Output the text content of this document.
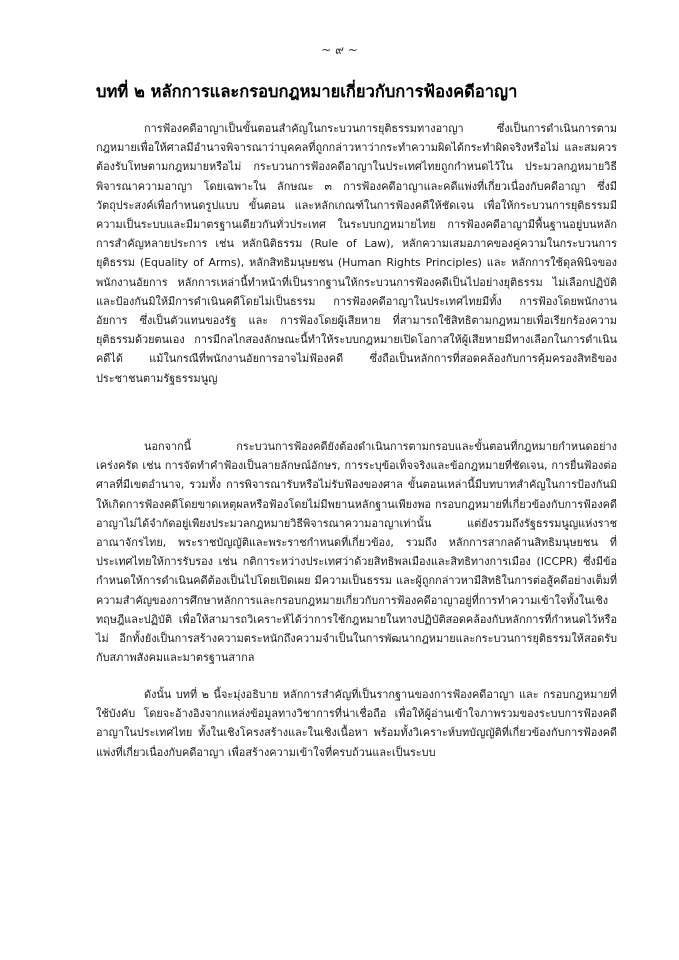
~ ๙ ~
บทที่ ๒ หลักการและกรอบกฎหมายเกี่ยวกับการฟ้องคดีอาญา

การฟ้องคดีอาญาเป็นขั้นตอนสำคัญในกระบวนการยุติธรรมทางอาญา ซึ่งเป็นการดำเนินการตามกฎหมายเพื่อให้ศาลมีอำนาจพิจารณาว่าบุคคลที่ถูกกล่าวหาว่ากระทำความผิดได้กระทำผิดจริงหรือไม่ และสมควรต้องรับโทษตามกฎหมายหรือไม่ กระบวนการฟ้องคดีอาญาในประเทศไทยถูกกำหนดไว้ใน ประมวลกฎหมายวิธีพิจารณาความอาญา โดยเฉพาะใน ลักษณะ ๓ การฟ้องคดีอาญาและคดีแพ่งที่เกี่ยวเนื่องกับคดีอาญา ซึ่งมีวัตถุประสงค์เพื่อกำหนดรูปแบบ ขั้นตอน และหลักเกณฑ์ในการฟ้องคดีให้ชัดเจน เพื่อให้กระบวนการยุติธรรมมีความเป็นระบบและมีมาตรฐานเดียวกันทั่วประเทศ ในระบบกฎหมายไทย การฟ้องคดีอาญามีพื้นฐานอยู่บนหลักการสำคัญหลายประการ เช่น หลักนิติธรรม (Rule of Law), หลักความเสมอภาคของคู่ความในกระบวนการยุติธรรม (Equality of Arms), หลักสิทธิมนุษยชน (Human Rights Principles) และ หลักการใช้ดุลพินิจของพนักงานอัยการ หลักการเหล่านี้ทำหน้าที่เป็นรากฐานให้กระบวนการฟ้องคดีเป็นไปอย่างยุติธรรม ไม่เลือกปฏิบัติ และป้องกันมิให้มีการดำเนินคดีโดยไม่เป็นธรรม การฟ้องคดีอาญาในประเทศไทยมีทั้ง การฟ้องโดยพนักงานอัยการ ซึ่งเป็นตัวแทนของรัฐ และ การฟ้องโดยผู้เสียหาย ที่สามารถใช้สิทธิตามกฎหมายเพื่อเรียกร้องความยุติธรรมด้วยตนเอง การมีกลไกสองลักษณะนี้ทำให้ระบบกฎหมายเปิดโอกาสให้ผู้เสียหายมีทางเลือกในการดำเนินคดีได้ แม้ในกรณีที่พนักงานอัยการอาจไม่ฟ้องคดี ซึ่งถือเป็นหลักการที่สอดคล้องกับการคุ้มครองสิทธิของประชาชนตามรัฐธรรมนูญ

นอกจากนี้ กระบวนการฟ้องคดียังต้องดำเนินการตามกรอบและขั้นตอนที่กฎหมายกำหนดอย่างเคร่งครัด เช่น การจัดทำคำฟ้องเป็นลายลักษณ์อักษร, การระบุข้อเท็จจริงและข้อกฎหมายที่ชัดเจน, การยื่นฟ้องต่อศาลที่มีเขตอำนาจ, รวมทั้ง การพิจารณารับหรือไม่รับฟ้องของศาล ขั้นตอนเหล่านี้มีบทบาทสำคัญในการป้องกันมิให้เกิดการฟ้องคดีโดยขาดเหตุผลหรือฟ้องโดยไม่มีพยานหลักฐานเพียงพอ กรอบกฎหมายที่เกี่ยวข้องกับการฟ้องคดีอาญาไม่ได้จำกัดอยู่เพียงประมวลกฎหมายวิธีพิจารณาความอาญาเท่านั้น แต่ยังรวมถึงรัฐธรรมนูญแห่งราชอาณาจักรไทย, พระราชบัญญัติและพระราชกำหนดที่เกี่ยวข้อง, รวมถึง หลักการสากลด้านสิทธิมนุษยชน ที่ประเทศไทยให้การรับรอง เช่น กติการะหว่างประเทศว่าด้วยสิทธิพลเมืองและสิทธิทางการเมือง (ICCPR) ซึ่งมีข้อกำหนดให้การดำเนินคดีต้องเป็นไปโดยเปิดเผย มีความเป็นธรรม และผู้ถูกกล่าวหามีสิทธิในการต่อสู้คดีอย่างเต็มที่ ความสำคัญของการศึกษาหลักการและกรอบกฎหมายเกี่ยวกับการฟ้องคดีอาญาอยู่ที่การทำความเข้าใจทั้งในเชิงทฤษฎีและปฏิบัติ เพื่อให้สามารถวิเคราะห์ได้ว่าการใช้กฎหมายในทางปฏิบัติสอดคล้องกับหลักการที่กำหนดไว้หรือไม่ อีกทั้งยังเป็นการสร้างความตระหนักถึงความจำเป็นในการพัฒนากฎหมายและกระบวนการยุติธรรมให้สอดรับกับสภาพสังคมและมาตรฐานสากล

ดังนั้น บทที่ ๒ นี้จะมุ่งอธิบาย หลักการสำคัญที่เป็นรากฐานของการฟ้องคดีอาญา และ กรอบกฎหมายที่ใช้บังคับ โดยจะอ้างอิงจากแหล่งข้อมูลทางวิชาการที่น่าเชื่อถือ เพื่อให้ผู้อ่านเข้าใจภาพรวมของระบบการฟ้องคดีอาญาในประเทศไทย ทั้งในเชิงโครงสร้างและในเชิงเนื้อหา พร้อมทั้งวิเคราะห์บทบัญญัติที่เกี่ยวข้องกับการฟ้องคดีแพ่งที่เกี่ยวเนื่องกับคดีอาญา เพื่อสร้างความเข้าใจที่ครบถ้วนและเป็นระบบ
